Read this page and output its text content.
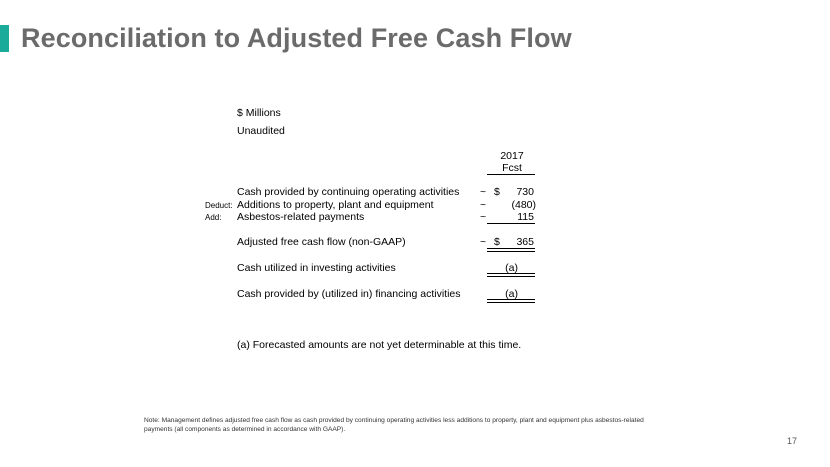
Reconciliation to Adjusted Free Cash Flow
$ Millions
Unaudited
2017
Fcst
Cash provided by continuing operating activities ~ $ 730
Deduct: Additions to property, plant and equipment	~ (480)
Add: Asbestos-related payments	~	115
Adjusted free cash flow (non-GAAP)	~ $ 365
Cash utilized in investing activities	(a)
Cash provided by (utilized in) financing activities	(a)
(a) Forecasted amounts are not yet determinable at this time.
Note: Management defines adjusted free cash flow as cash provided by continuing operating activities less additions to property, plant and equipment plus asbestos-related payments (all components as determined in accordance with GAAP).
17
